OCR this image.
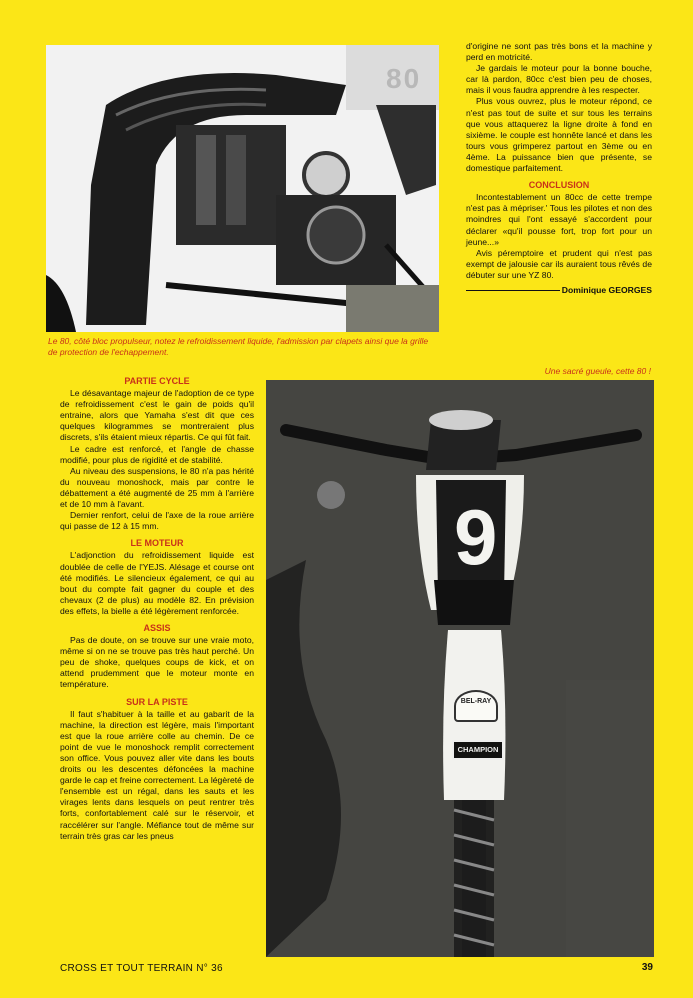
80
Le 80, côté bloc propulseur, notez le refroidissement liquide, l'admission par clapets ainsi que la grille de protection de l'echappement.

d'origine ne sont pas très bons et la machine y perd en motricité.

Je gardais le moteur pour la bonne bouche, car là pardon, 80cc c'est bien peu de choses, mais il vous faudra apprendre à les respecter.

Plus vous ouvrez, plus le moteur répond, ce n'est pas tout de suite et sur tous les terrains que vous attaquerez la ligne droite à fond en sixième. le couple est honnête lancé et dans les tours vous grimperez partout en 3ème ou en 4ème. La puissance bien que présente, se domestique parfaitement.

CONCLUSION

Incontestablement un 80cc de cette trempe n'est pas à mépriser.' Tous les pilotes et non des moindres qui l'ont essayé s'accordent pour déclarer «qu'il pousse fort, trop fort pour un jeune...»

Avis péremptoire et prudent qui n'est pas exempt de jalousie car ils auraient tous rêvés de débuter sur une YZ 80.

Dominique GEORGES
Une sacré gueule, cette 80 !
9
BEL-RAY
CHAMPION
PARTIE CYCLE

Le désavantage majeur de l'adoption de ce type de refroidissement c'est le gain de poids qu'il entraine, alors que Yamaha s'est dit que ces quelques kilogrammes se montreraient plus discrets, s'ils étaient mieux répartis. Ce qui fût fait.

Le cadre est renforcé, et l'angle de chasse modifié, pour plus de rigidité et de stabilité.

Au niveau des suspensions, le 80 n'a pas hérité du nouveau monoshock, mais par contre le débattement a été augmenté de 25 mm à l'arrière et de 10 mm à l'avant.

Dernier renfort, celui de l'axe de la roue arrière qui passe de 12 à 15 mm.

LE MOTEUR

L'adjonction du refroidissement liquide est doublée de celle de l'YEJS. Alésage et course ont été modifiés. Le silencieux également, ce qui au bout du compte fait gagner du couple et des chevaux (2 de plus) au modèle 82. En prévision des effets, la bielle a été légèrement renforcée.

ASSIS

Pas de doute, on se trouve sur une vraie moto, même si on ne se trouve pas très haut perché. Un peu de shoke, quelques coups de kick, et on attend prudemment que le moteur monte en température.

SUR LA PISTE

Il faut s'habituer à la taille et au gabarit de la machine, la direction est légère, mais l'important est que la roue arrière colle au chemin. De ce point de vue le monoshock remplit correctement son office. Vous pouvez aller vite dans les bouts droits ou les descentes défoncées la machine garde le cap et freine correctement. La légèreté de l'ensemble est un régal, dans les sauts et les virages lents dans lesquels on peut rentrer très forts, confortablement calé sur le réservoir, et raccélérer sur l'angle. Méfiance tout de même sur terrain très gras car les pneus

CROSS ET TOUT TERRAIN N° 36	39
